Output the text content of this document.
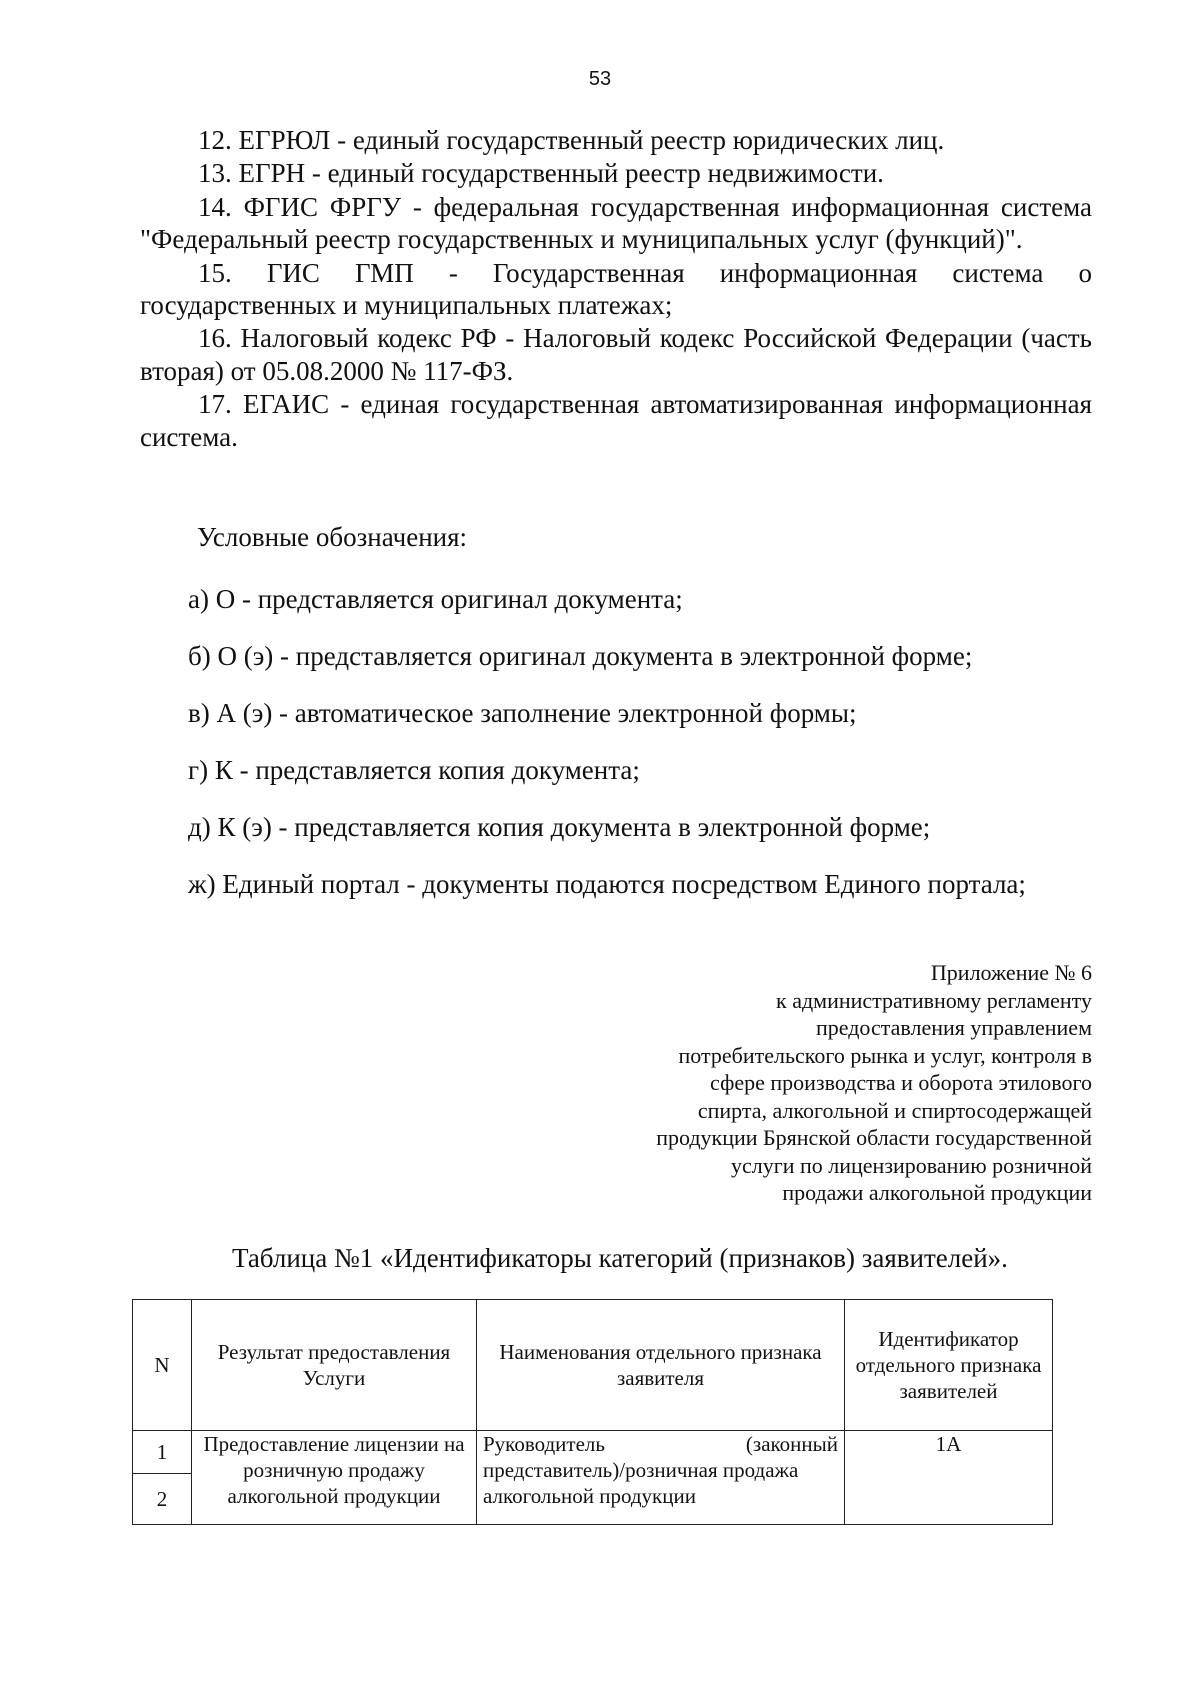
53

12. ЕГРЮЛ - единый государственный реестр юридических лиц.

13. ЕГРН - единый государственный реестр недвижимости.

14. ФГИС ФРГУ - федеральная государственная информационная система "Федеральный реестр государственных и муниципальных услуг (функций)".

15. ГИС ГМП - Государственная информационная система о государственных и муниципальных платежах;

16. Налоговый кодекс РФ - Налоговый кодекс Российской Федерации (часть вторая) от 05.08.2000 № 117-ФЗ.

17. ЕГАИС - единая государственная автоматизированная информационная система.

Условные обозначения:
а) О - представляется оригинал документа;
б) О (э) - представляется оригинал документа в электронной форме;
в) А (э) - автоматическое заполнение электронной формы;
г) К - представляется копия документа;
д) К (э) - представляется копия документа в электронной форме;
ж) Единый портал - документы подаются посредством Единого портала;
Приложение № 6
к административному регламенту
предоставления управлением
потребительского рынка и услуг, контроля в
сфере производства и оборота этилового
спирта, алкогольной и спиртосодержащей
продукции Брянской области государственной
услуги по лицензированию розничной
продажи алкогольной продукции
Таблица №1 «Идентификаторы категорий (признаков) заявителей».
N	Результат предоставления Услуги	Наименования отдельного признака заявителя	Идентификатор отдельного признака заявителей
1	Предоставление лицензии на розничную продажу алкогольной продукции	Руководитель (законный
представитель)/розничная продажа алкогольной продукции	1А
2			
